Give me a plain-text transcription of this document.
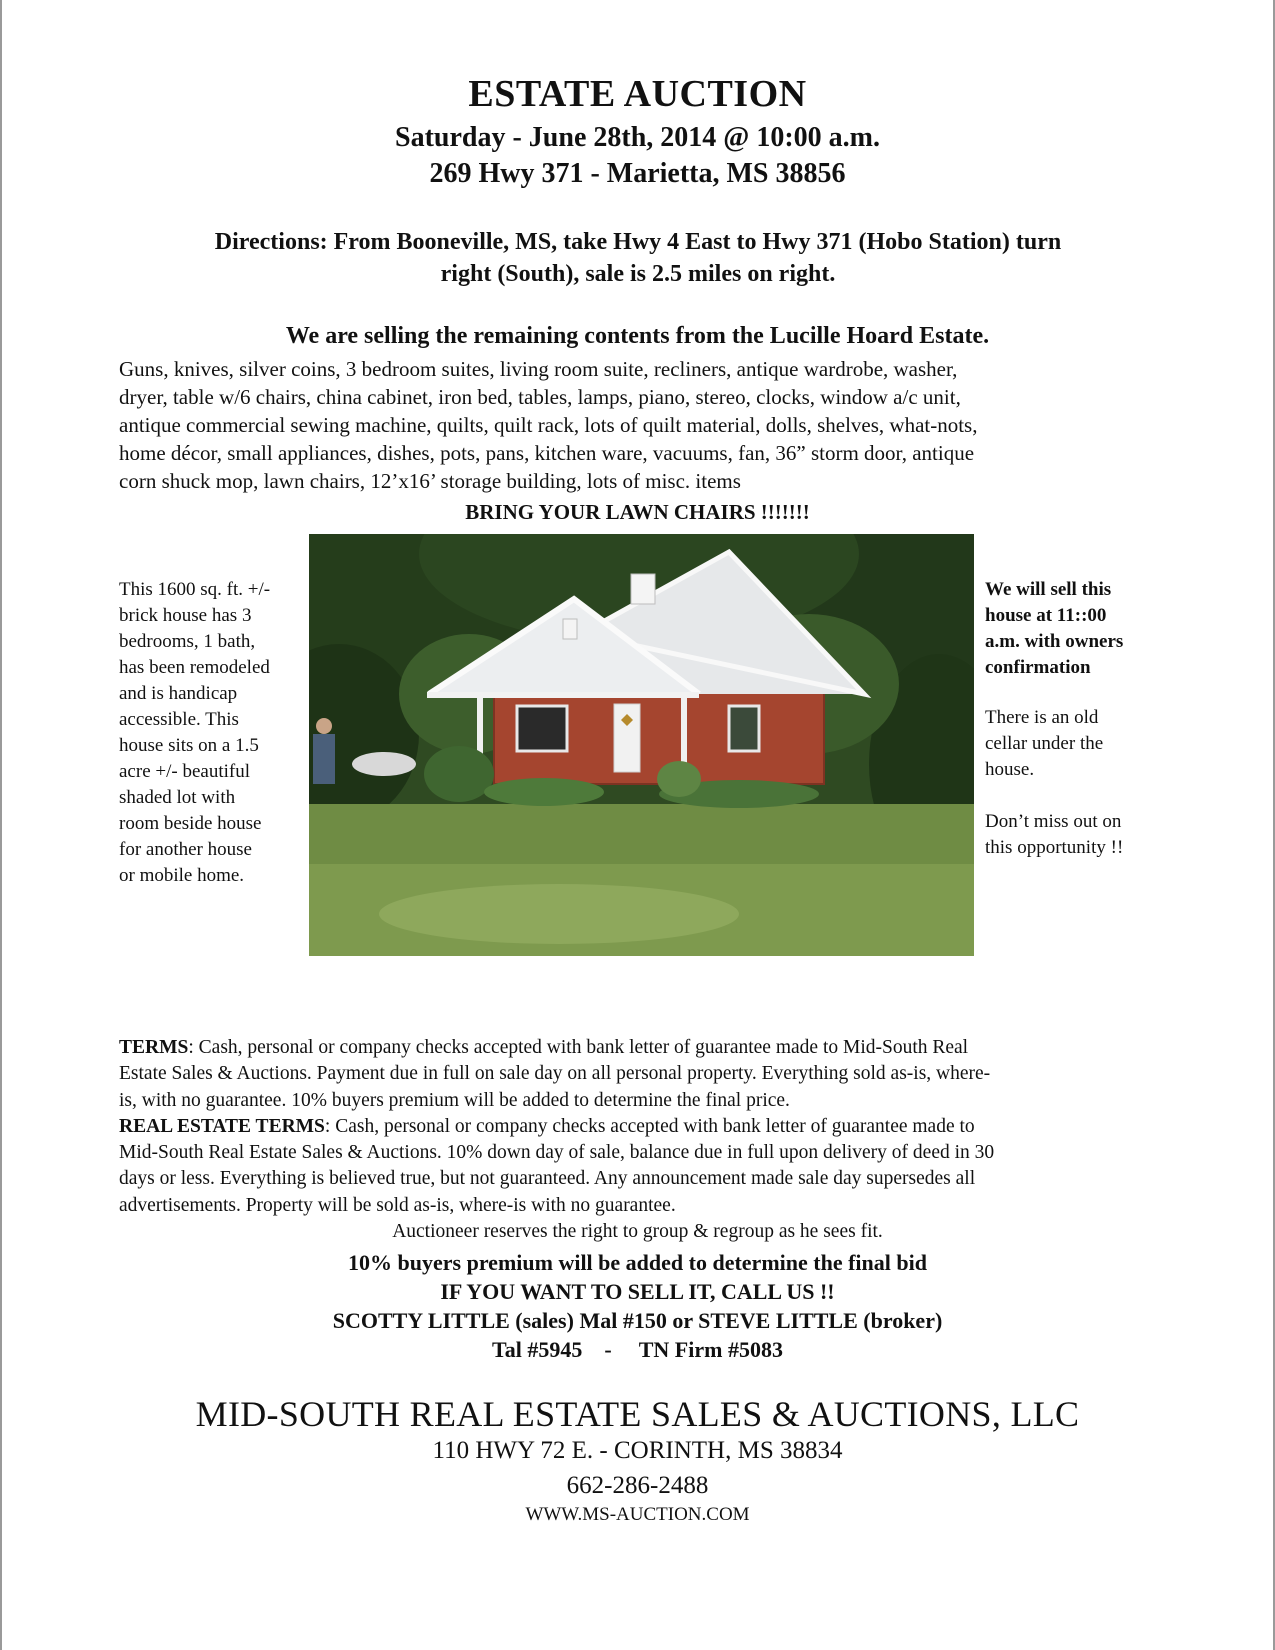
ESTATE AUCTION
Saturday - June 28th, 2014 @ 10:00 a.m.
269 Hwy 371 - Marietta, MS 38856
Directions: From Booneville, MS, take Hwy 4 East to Hwy 371 (Hobo Station) turn
right (South), sale is 2.5 miles on right.
We are selling the remaining contents from the Lucille Hoard Estate.
Guns, knives, silver coins, 3 bedroom suites, living room suite, recliners, antique wardrobe, washer,
dryer, table w/6 chairs, china cabinet, iron bed, tables, lamps, piano, stereo, clocks, window a/c unit,
antique commercial sewing machine, quilts, quilt rack, lots of quilt material, dolls, shelves, what-nots,
home décor, small appliances, dishes, pots, pans, kitchen ware, vacuums, fan, 36” storm door, antique
corn shuck mop, lawn chairs, 12’x16’ storage building, lots of misc. items
BRING YOUR LAWN CHAIRS !!!!!!!
This 1600 sq. ft. +/-
brick house has 3
bedrooms, 1 bath,
has been remodeled
and is handicap
accessible. This
house sits on a 1.5
acre +/- beautiful
shaded lot with
room beside house
for another house
or mobile home.
We will sell this
house at 11::00
a.m. with owners
confirmation
There is an old
cellar under the
house.
Don’t miss out on
this opportunity !!

TERMS: Cash, personal or company checks accepted with bank letter of guarantee made to Mid-South Real

Estate Sales & Auctions. Payment due in full on sale day on all personal property. Everything sold as-is, where-

is, with no guarantee. 10% buyers premium will be added to determine the final price.

REAL ESTATE TERMS: Cash, personal or company checks accepted with bank letter of guarantee made to

Mid-South Real Estate Sales & Auctions. 10% down day of sale, balance due in full upon delivery of deed in 30

days or less. Everything is believed true, but not guaranteed. Any announcement made sale day supersedes all

advertisements. Property will be sold as-is, where-is with no guarantee.

Auctioneer reserves the right to group & regroup as he sees fit.
10% buyers premium will be added to determine the final bid
IF YOU WANT TO SELL IT, CALL US !!
SCOTTY LITTLE (sales) Mal #150 or STEVE LITTLE (broker)
Tal #5945    -     TN Firm #5083
MID-SOUTH REAL ESTATE SALES & AUCTIONS, LLC
110 HWY 72 E. - CORINTH, MS 38834
662-286-2488
WWW.MS-AUCTION.COM
